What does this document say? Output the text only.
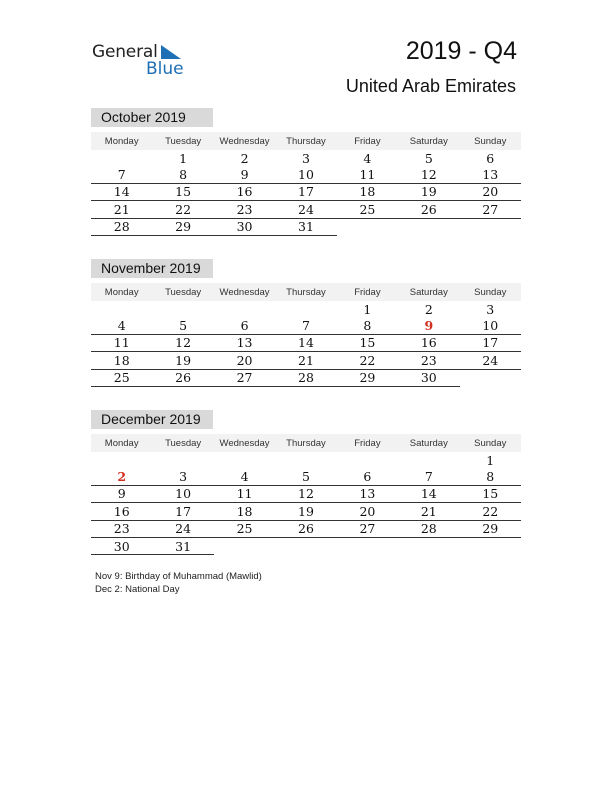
General
Blue
2019 - Q4
United Arab Emirates
October 2019
Monday	Tuesday	Wednesday	Thursday	Friday	Saturday	Sunday
	1	2	3	4	5	6
7	8	9	10	11	12	13
14	15	16	17	18	19	20
21	22	23	24	25	26	27
28	29	30	31			
November 2019
Monday	Tuesday	Wednesday	Thursday	Friday	Saturday	Sunday
				1	2	3
4	5	6	7	8	9	10
11	12	13	14	15	16	17
18	19	20	21	22	23	24
25	26	27	28	29	30	
December 2019
Monday	Tuesday	Wednesday	Thursday	Friday	Saturday	Sunday
						1
2	3	4	5	6	7	8
9	10	11	12	13	14	15
16	17	18	19	20	21	22
23	24	25	26	27	28	29
30	31					
Nov 9: Birthday of Muhammad (Mawlid)
Dec 2: National Day
